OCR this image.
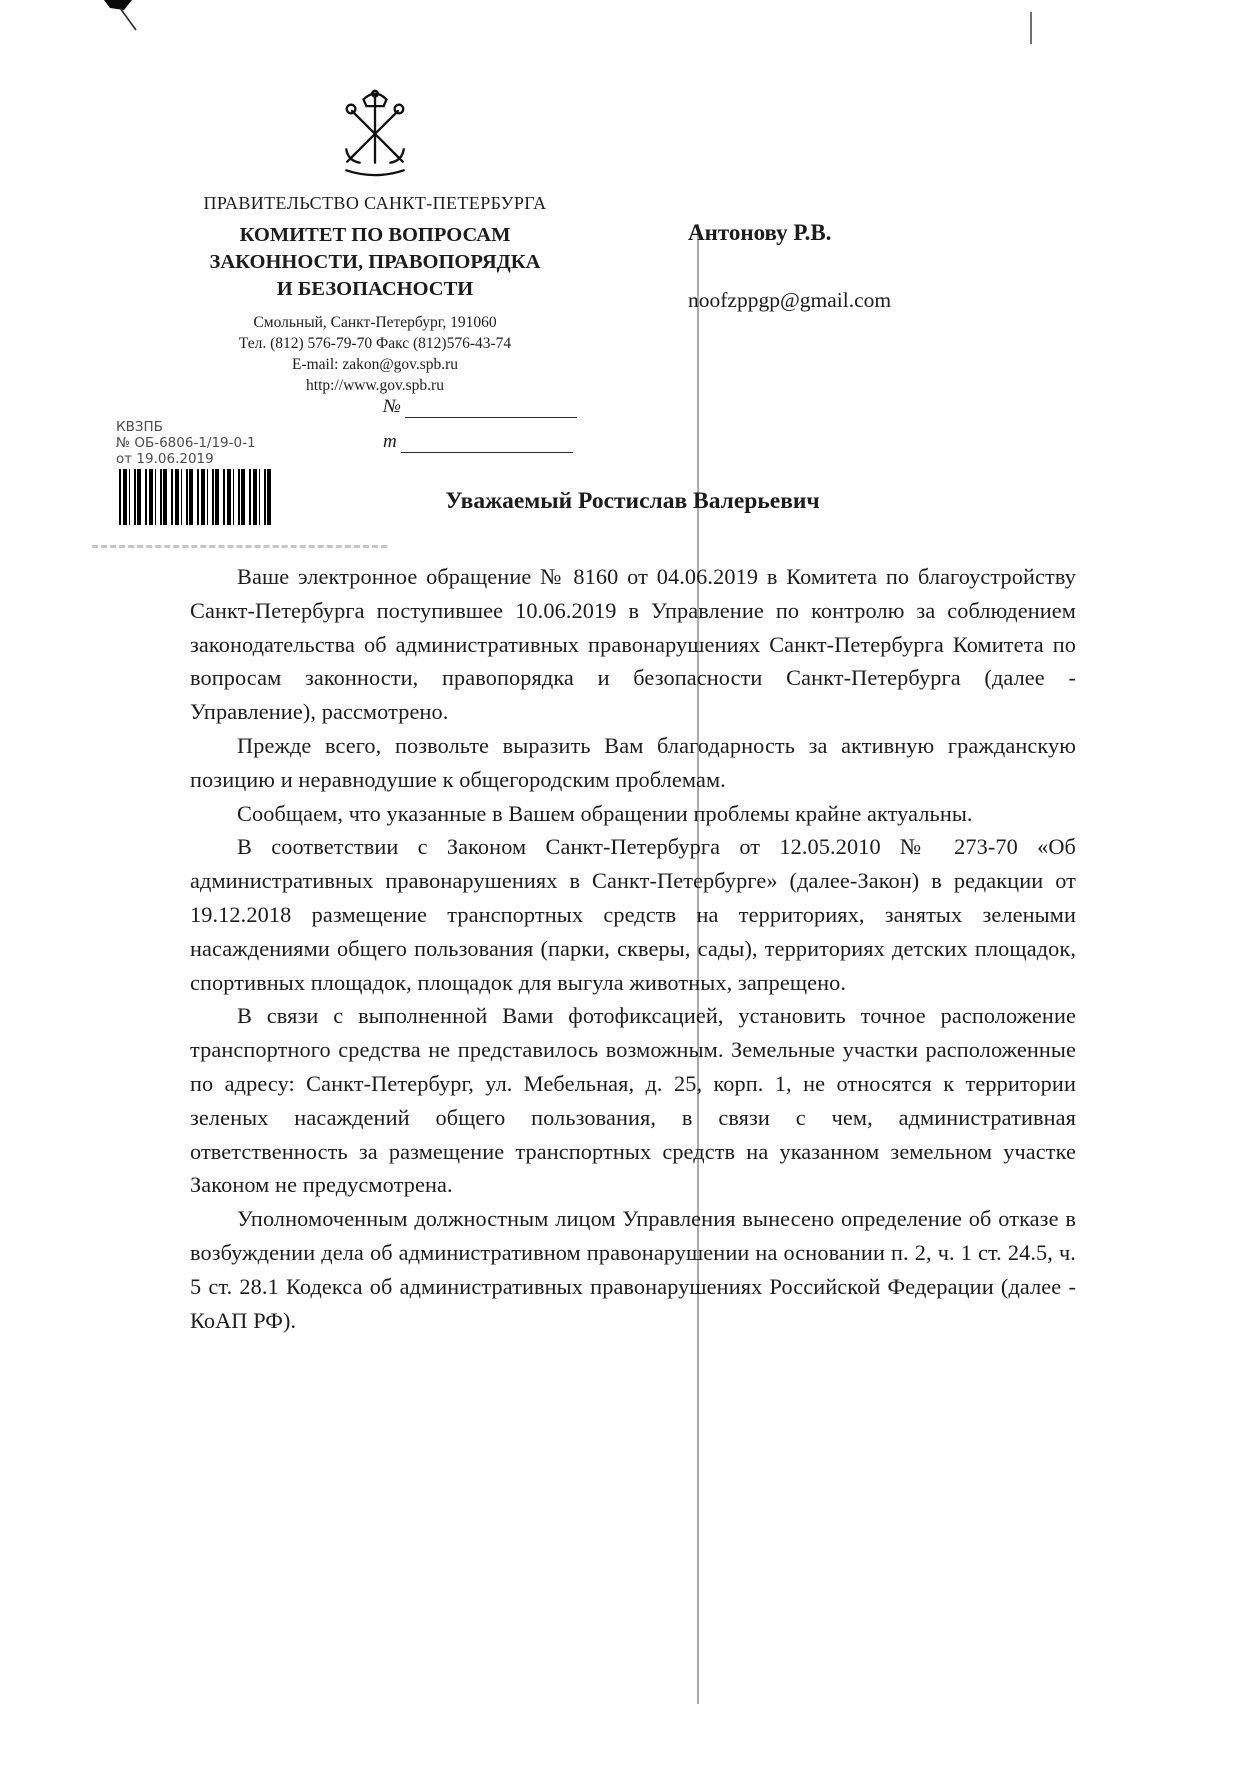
ПРАВИТЕЛЬСТВО САНКТ-ПЕТЕРБУРГА
КОМИТЕТ ПО ВОПРОСАМ
ЗАКОННОСТИ, ПРАВОПОРЯДКА
И БЕЗОПАСНОСТИ
Смольный, Санкт-Петербург, 191060
Тел. (812) 576-79-70 Факс (812)576-43-74
E-mail: zakon@gov.spb.ru
http://www.gov.spb.ru
Антонову Р.В.
noofzppgp@gmail.com
№
т
КВЗПБ
№ ОБ-6806-1/19-0-1
от 19.06.2019
Уважаемый Ростислав Валерьевич

Ваше электронное обращение № 8160 от 04.06.2019 в Комитета по благоустройству Санкт-Петербурга поступившее 10.06.2019 в Управление по контролю за соблюдением законодательства об административных правонарушениях Санкт-Петербурга Комитета по вопросам законности, правопорядка и безопасности Санкт-Петербурга (далее - Управление), рассмотрено.

Прежде всего, позвольте выразить Вам благодарность за активную гражданскую позицию и неравнодушие к общегородским проблемам.

Сообщаем, что указанные в Вашем обращении проблемы крайне актуальны.

В соответствии с Законом Санкт-Петербурга от 12.05.2010 № 273-70 «Об административных правонарушениях в Санкт-Петербурге» (далее-Закон) в редакции от 19.12.2018 размещение транспортных средств на территориях, занятых зелеными насаждениями общего пользования (парки, скверы, сады), территориях детских площадок, спортивных площадок, площадок для выгула животных, запрещено.

В связи с выполненной Вами фотофиксацией, установить точное расположение транспортного средства не представилось возможным. Земельные участки расположенные по адресу: Санкт-Петербург, ул. Мебельная, д. 25, корп. 1, не относятся к территории зеленых насаждений общего пользования, в связи с чем, административная ответственность за размещение транспортных средств на указанном земельном участке Законом не предусмотрена.

Уполномоченным должностным лицом Управления вынесено определение об отказе в возбуждении дела об административном правонарушении на основании п. 2, ч. 1 ст. 24.5, ч. 5 ст. 28.1 Кодекса об административных правонарушениях Российской Федерации (далее - КоАП РФ).
